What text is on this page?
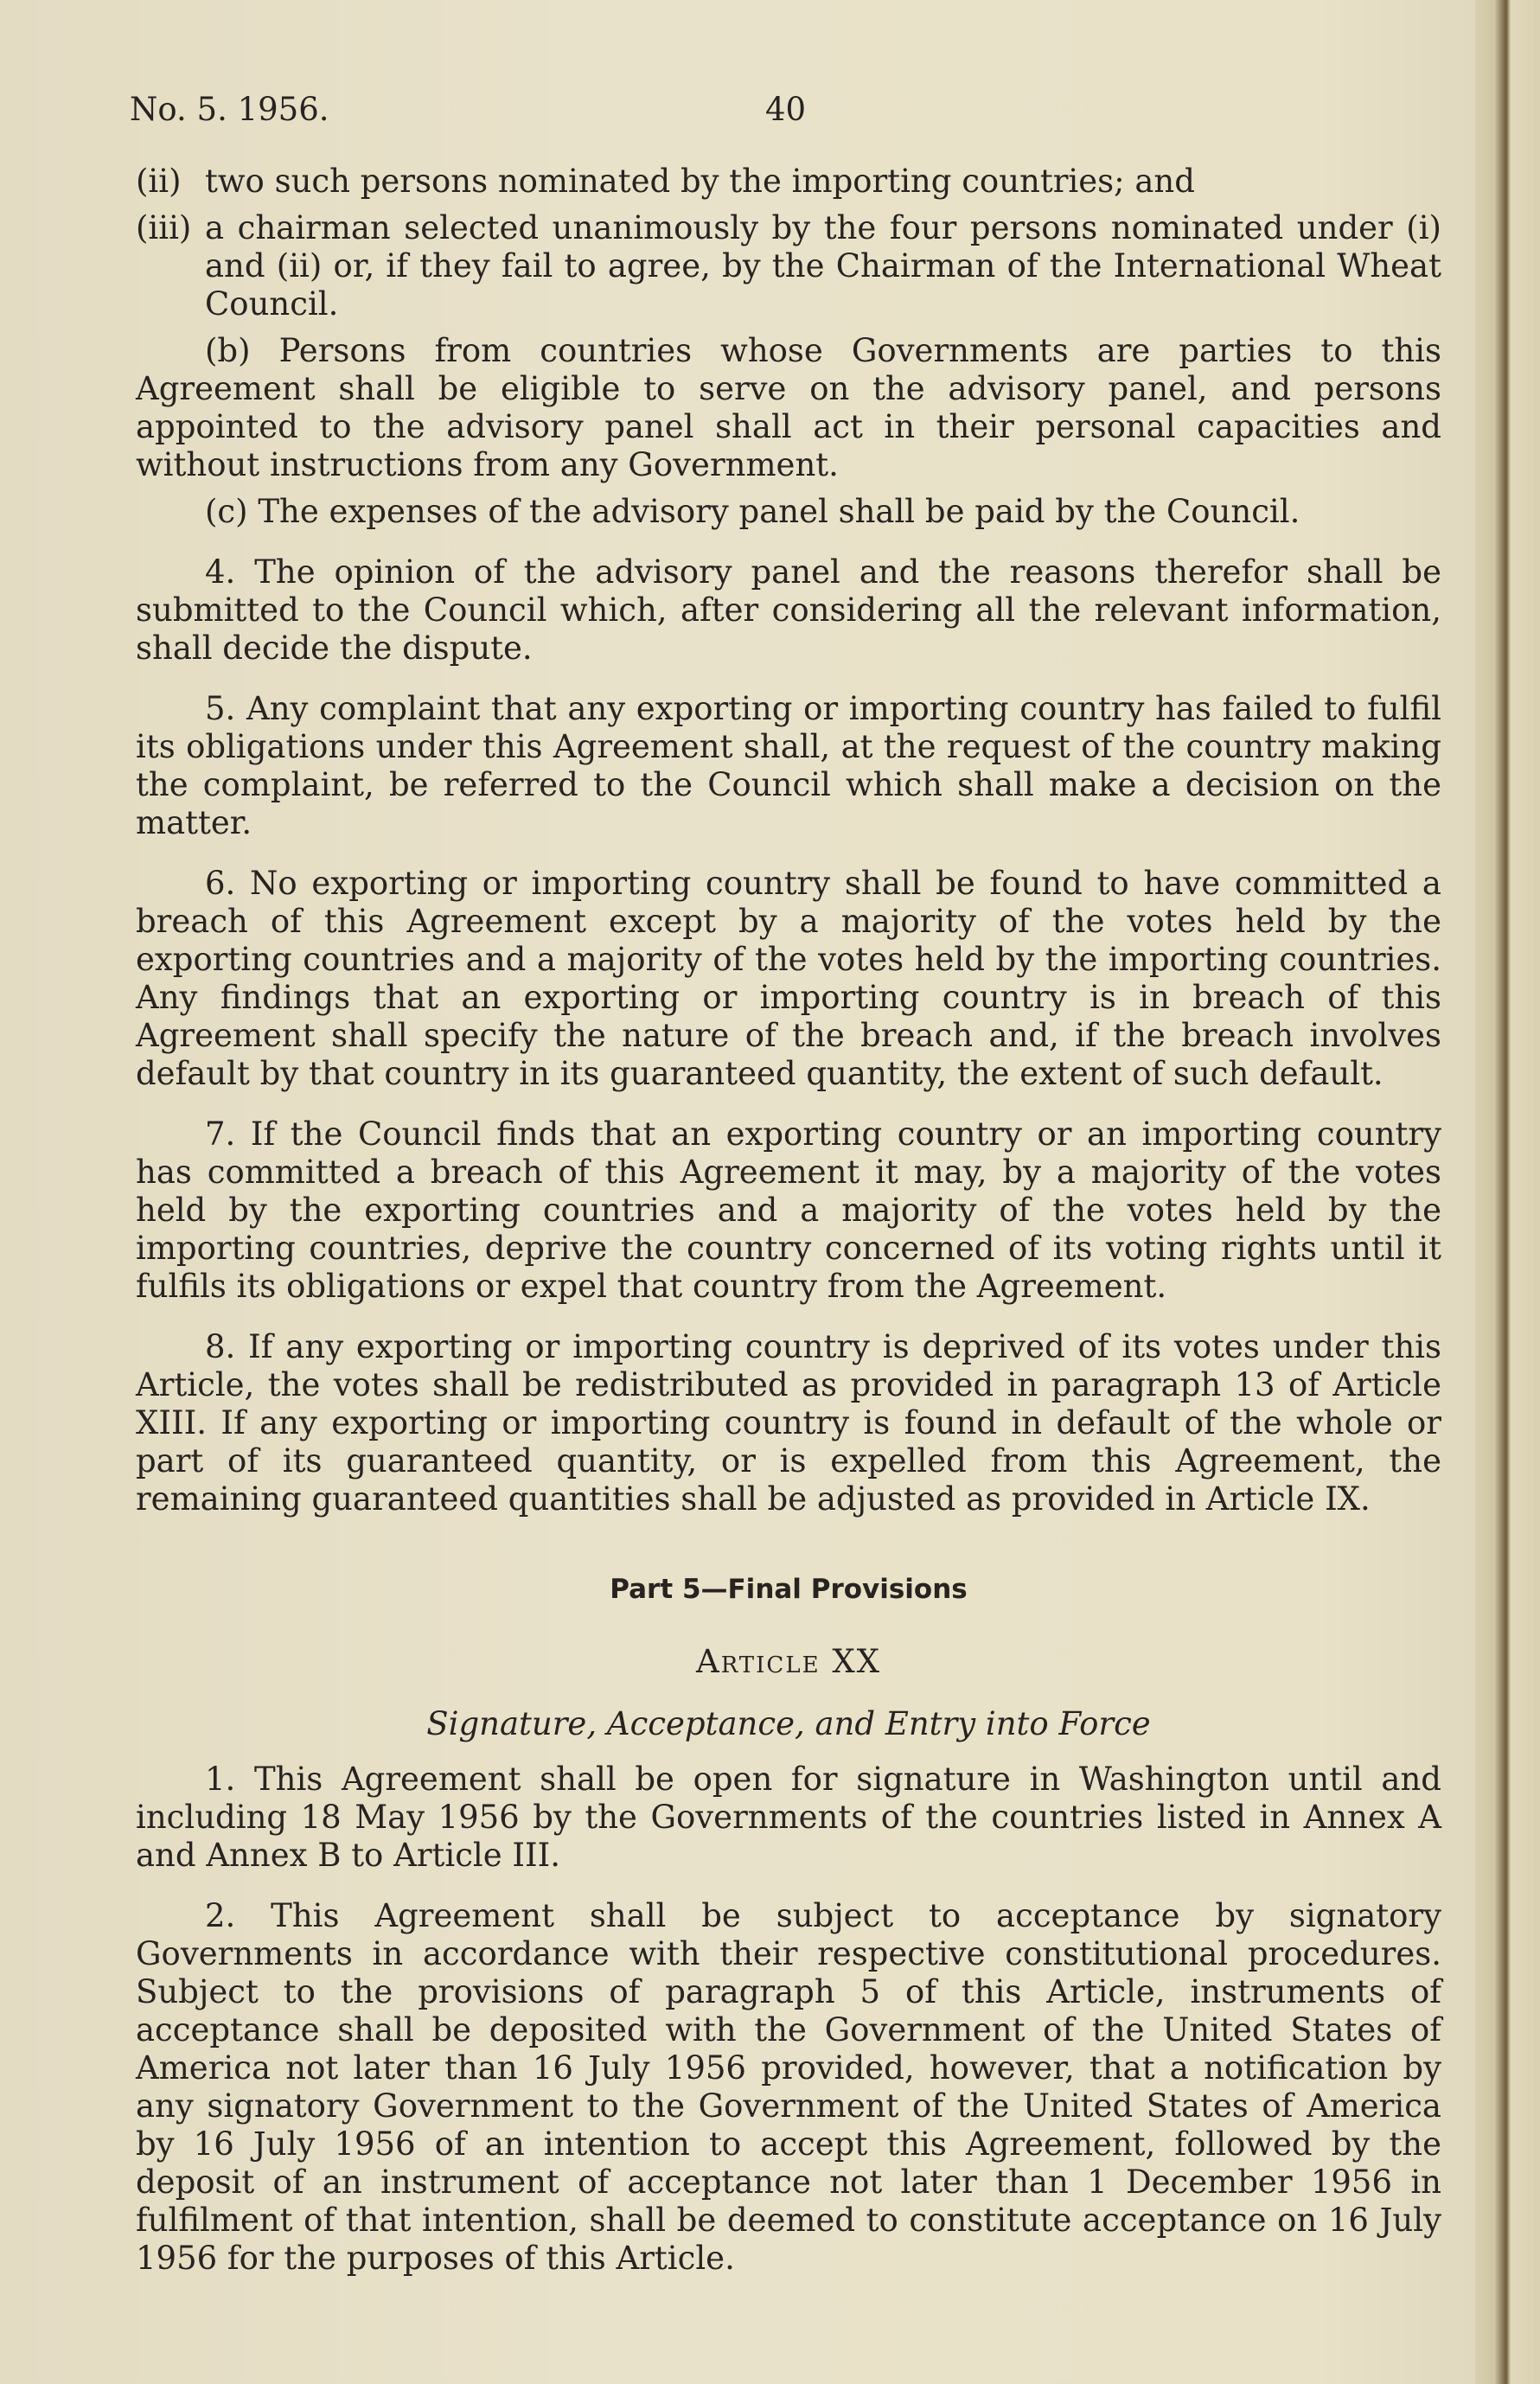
No. 5. 1956.	40
(ii) two such persons nominated by the importing countries; and
(iii) a chairman selected unanimously by the four persons nominated under (i) and (ii) or, if they fail to agree, by the Chairman of the International Wheat Council.

(b) Persons from countries whose Governments are parties to this Agreement shall be eligible to serve on the advisory panel, and persons appointed to the advisory panel shall act in their personal capacities and without instructions from any Government.

(c) The expenses of the advisory panel shall be paid by the Council.

4. The opinion of the advisory panel and the reasons therefor shall be submitted to the Council which, after considering all the relevant information, shall decide the dispute.

5. Any complaint that any exporting or importing country has failed to fulfil its obligations under this Agreement shall, at the request of the country making the complaint, be referred to the Council which shall make a decision on the matter.

6. No exporting or importing country shall be found to have committed a breach of this Agreement except by a majority of the votes held by the exporting countries and a majority of the votes held by the importing countries. Any findings that an exporting or importing country is in breach of this Agreement shall specify the nature of the breach and, if the breach involves default by that country in its guaranteed quantity, the extent of such default.

7. If the Council finds that an exporting country or an importing country has committed a breach of this Agreement it may, by a majority of the votes held by the exporting countries and a majority of the votes held by the importing countries, deprive the country concerned of its voting rights until it fulfils its obligations or expel that country from the Agreement.

8. If any exporting or importing country is deprived of its votes under this Article, the votes shall be redistributed as provided in paragraph 13 of Article XIII. If any exporting or importing country is found in default of the whole or part of its guaranteed quantity, or is expelled from this Agreement, the remaining guaranteed quantities shall be adjusted as provided in Article IX.

Part 5—Final Provisions

Article XX

Signature, Acceptance, and Entry into Force

1. This Agreement shall be open for signature in Washington until and including 18 May 1956 by the Governments of the countries listed in Annex A and Annex B to Article III.

2. This Agreement shall be subject to acceptance by signatory Governments in accordance with their respective constitutional procedures. Subject to the provisions of paragraph 5 of this Article, instruments of acceptance shall be deposited with the Government of the United States of America not later than 16 July 1956 provided, however, that a notification by any signatory Government to the Government of the United States of America by 16 July 1956 of an intention to accept this Agreement, followed by the deposit of an instrument of acceptance not later than 1 December 1956 in fulfilment of that intention, shall be deemed to constitute acceptance on 16 July 1956 for the purposes of this Article.
